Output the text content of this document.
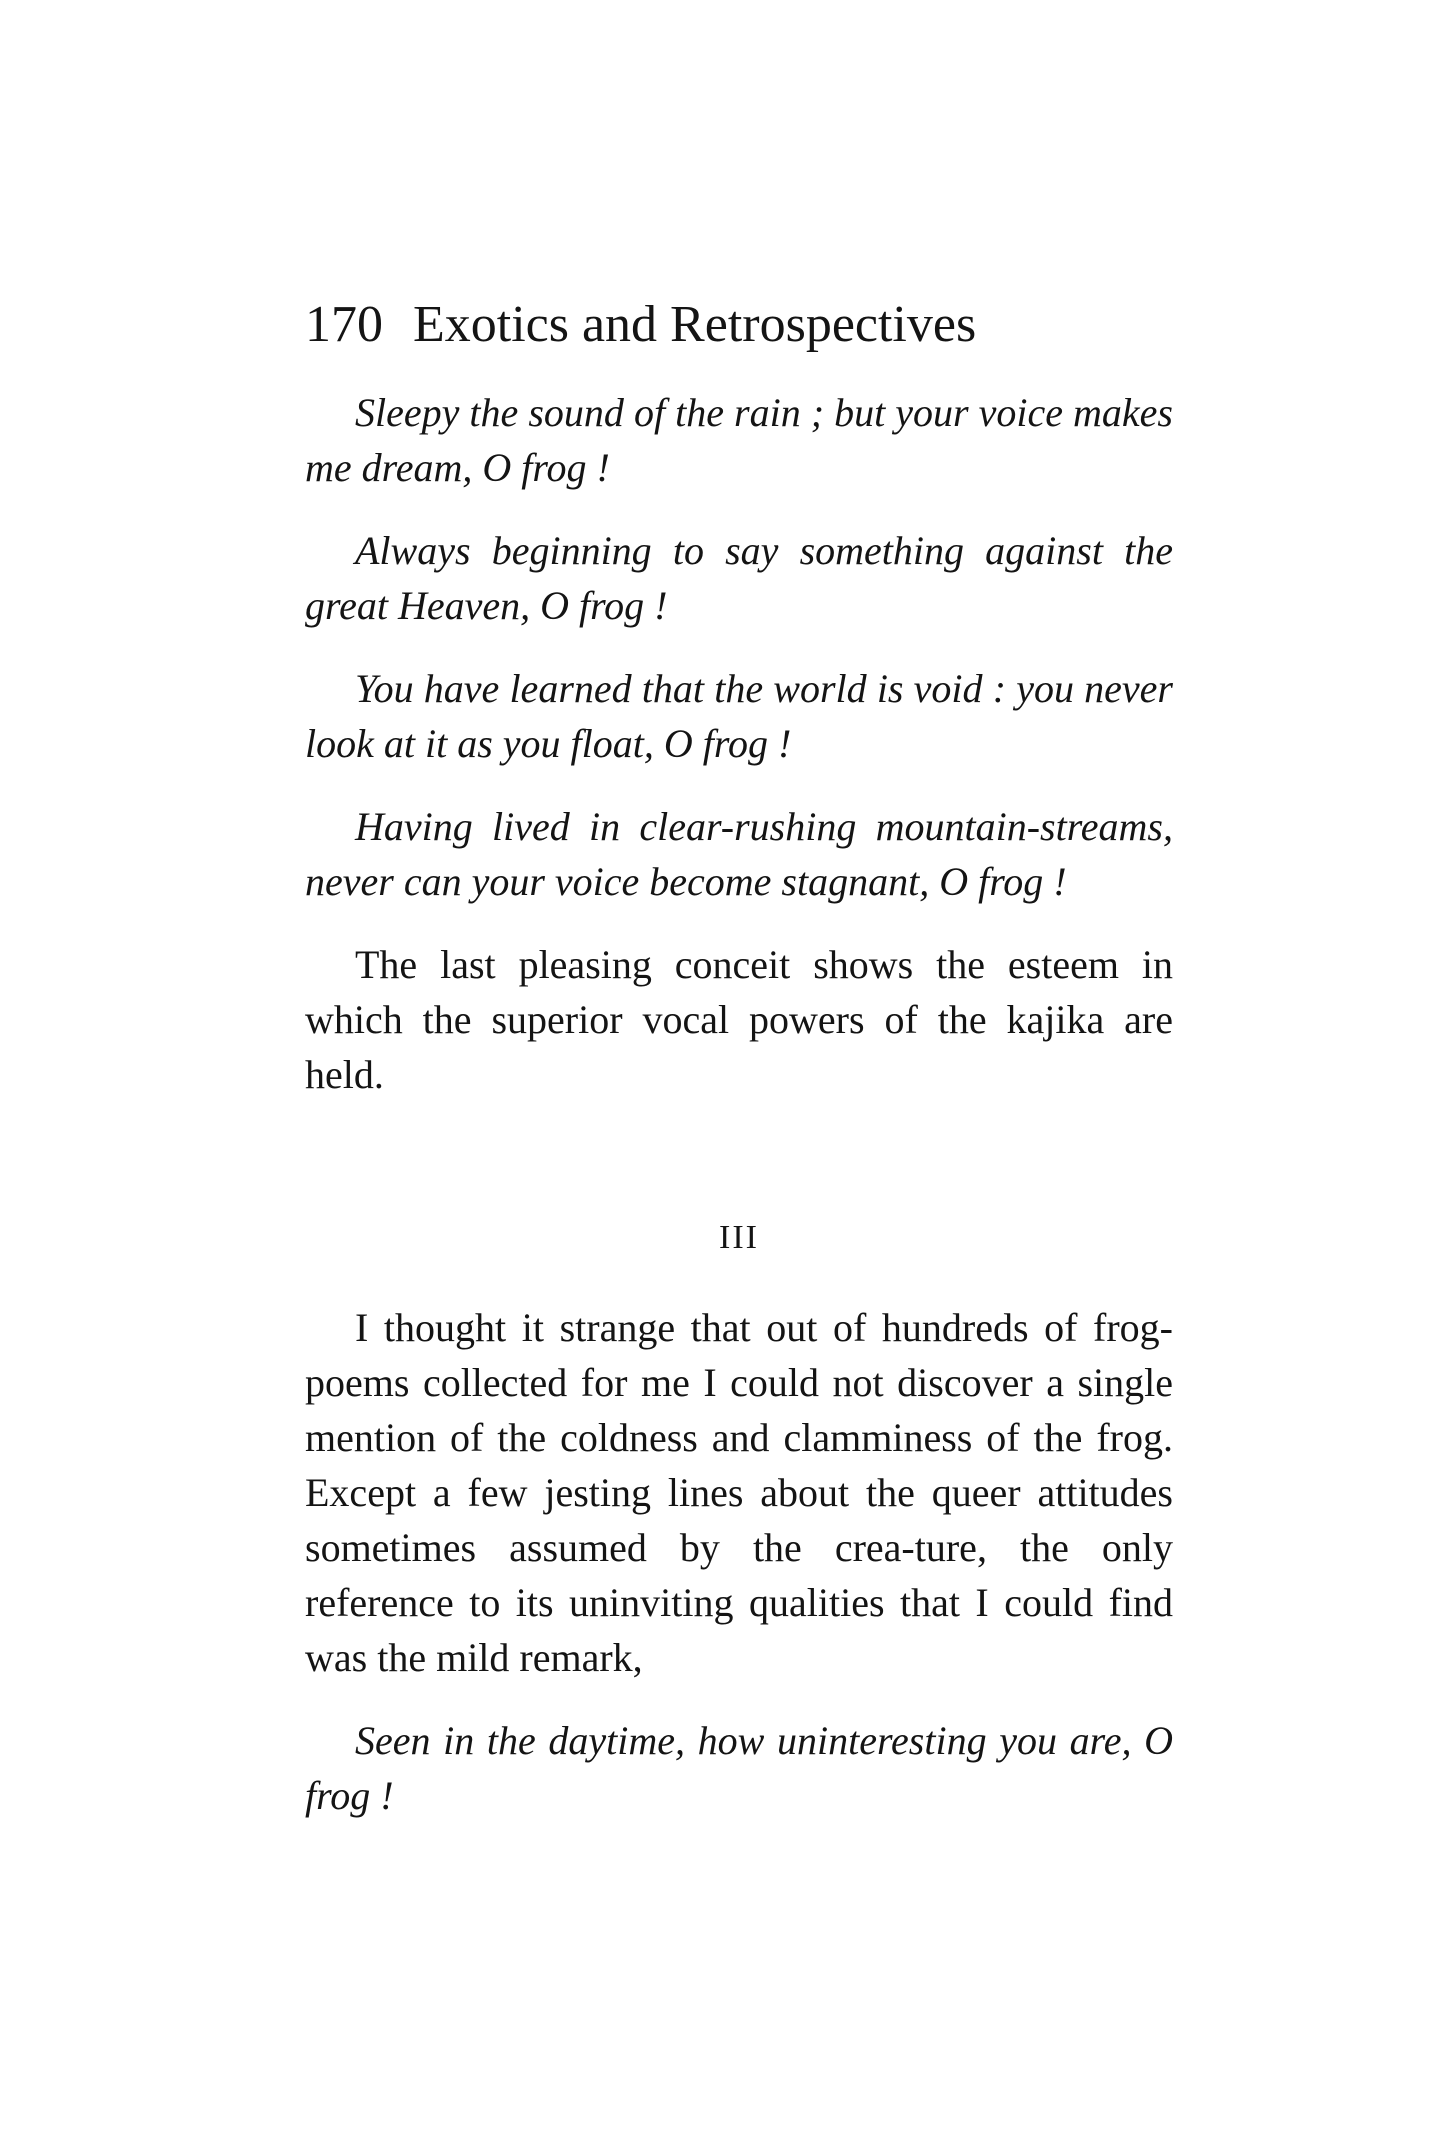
170 Exotics and Retrospectives

Sleepy the sound of the rain ; but your voice makes me dream, O frog !

Always beginning to say something against the great Heaven, O frog !

You have learned that the world is void : you never look at it as you float, O frog !

Having lived in clear-rushing mountain-streams, never can your voice become stagnant, O frog !

The last pleasing conceit shows the esteem in which the superior vocal powers of the kajika are held.

III

I thought it strange that out of hundreds of frog-poems collected for me I could not discover a single mention of the coldness and clamminess of the frog. Except a few jesting lines about the queer attitudes sometimes assumed by the crea-ture, the only reference to its uninviting qualities that I could find was the mild remark,

Seen in the daytime, how uninteresting you are, O frog !
